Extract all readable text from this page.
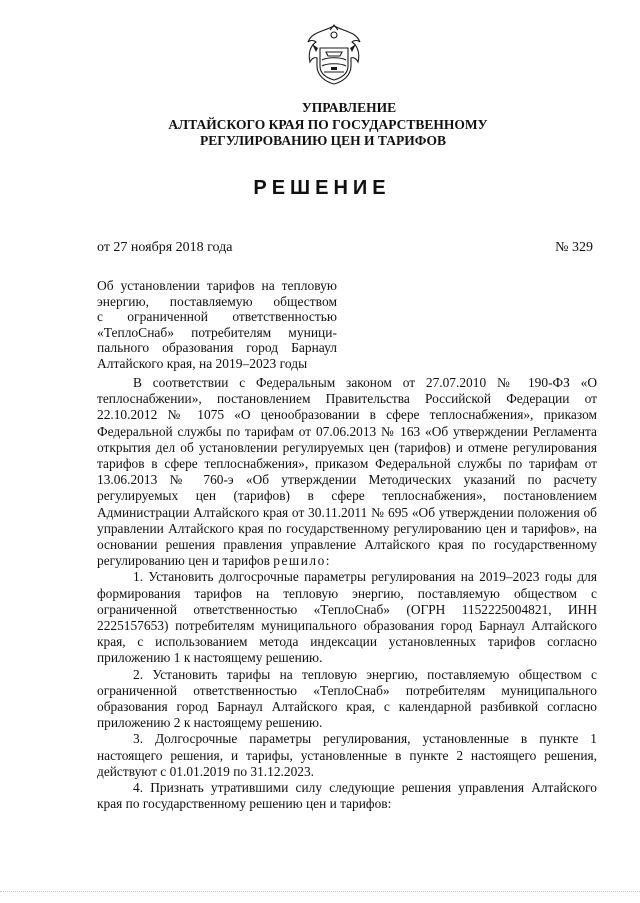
УПРАВЛЕНИЕ
АЛТАЙСКОГО КРАЯ ПО ГОСУДАРСТВЕННОМУ
РЕГУЛИРОВАНИЮ ЦЕН И ТАРИФОВ
РЕШЕНИЕ
от 27 ноября 2018 года	№ 329
Об установлении тарифов на тепловую
энергию, поставляемую обществом
с ограниченной ответственностью
«ТеплоСнаб» потребителям муници-
пального образования город Барнаул
Алтайского края, на 2019–2023 годы

В соответствии с Федеральным законом от 27.07.2010 № 190-ФЗ «О теплоснабжении», постановлением Правительства Российской Федерации от 22.10.2012 № 1075 «О ценообразовании в сфере теплоснабжения», приказом Федеральной службы по тарифам от 07.06.2013 № 163 «Об утверждении Регламента открытия дел об установлении регулируемых цен (тарифов) и отмене регулирования тарифов в сфере теплоснабжения», приказом Федеральной службы по тарифам от 13.06.2013 № 760-э «Об утверждении Методических указаний по расчету регулируемых цен (тарифов) в сфере теплоснабжения», постановлением Администрации Алтайского края от 30.11.2011 № 695 «Об утверждении положения об управлении Алтайского края по государственному регулированию цен и тарифов», на основании решения правления управление Алтайского края по государственному регулированию цен и тарифов решило:

1. Установить долгосрочные параметры регулирования на 2019–2023 годы для формирования тарифов на тепловую энергию, поставляемую обществом с ограниченной ответственностью «ТеплоСнаб» (ОГРН 1152225004821, ИНН 2225157653) потребителям муниципального образования город Барнаул Алтайского края, с использованием метода индексации установленных тарифов согласно приложению 1 к настоящему решению.

2. Установить тарифы на тепловую энергию, поставляемую обществом с ограниченной ответственностью «ТеплоСнаб» потребителям муниципального образования город Барнаул Алтайского края, с календарной разбивкой согласно приложению 2 к настоящему решению.

3. Долгосрочные параметры регулирования, установленные в пункте 1 настоящего решения, и тарифы, установленные в пункте 2 настоящего решения, действуют с 01.01.2019 по 31.12.2023.

4. Признать утратившими силу следующие решения управления Алтайского края по государственному решению цен и тарифов:
